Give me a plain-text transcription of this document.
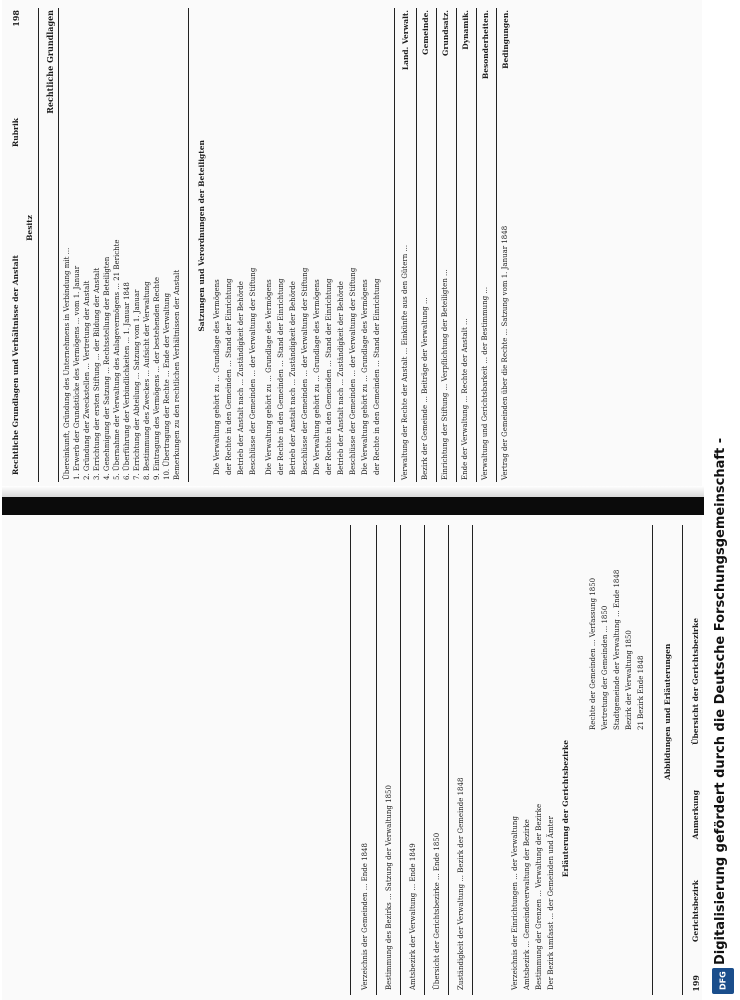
198
Rechtliche Grundlagen und Verhältnisse der Anstalt
Rubrik
Besitz
Rechtliche Grundlagen
Übereinkunft, Gründung des Unternehmens in Verbindung mit ... 1. Erwerb der Grundstücke des Vermögens ... vom 1. Januar 2. Gründung der Zweckstellen ... Vertretung der Anstalt 3. Errichtung der ersten Stiftung ... der Bildung der Anstalt 4. Genehmigung der Satzung ... Rechtsstellung der Beteiligten 5. Übernahme der Verwaltung des Anlagevermögens ... 21 Berichte 6. Überführung der Verbindlichkeiten ... 1. Januar 1848 7. Errichtung der Abteilung ... Satzung vom 1. Januar 8. Bestimmung des Zweckes ... Aufsicht der Verwaltung 9. Eintragung des Vermögens ... der bestehenden Rechte 10. Übertragung der Rechte ... Ende der Verwaltung Bemerkungen zu den rechtlichen Verhältnissen der Anstalt
Satzungen und Verordnungen der Beteiligten
Die Verwaltung gehört zu ... Grundlage des Vermögens der Rechte in den Gemeinden ... Stand der Einrichtung Betrieb der Anstalt nach ... Zuständigkeit der Behörde Beschlüsse der Gemeinden ... der Verwaltung der Stiftung Die Verwaltung gehört zu ... Grundlage des Vermögens der Rechte in den Gemeinden ... Stand der Einrichtung Betrieb der Anstalt nach ... Zuständigkeit der Behörde Beschlüsse der Gemeinden ... der Verwaltung der Stiftung Die Verwaltung gehört zu ... Grundlage des Vermögens der Rechte in den Gemeinden ... Stand der Einrichtung Betrieb der Anstalt nach ... Zuständigkeit der Behörde Beschlüsse der Gemeinden ... der Verwaltung der Stiftung Die Verwaltung gehört zu ... Grundlage des Vermögens der Rechte in den Gemeinden ... Stand der Einrichtung
Land. Verwalt.
Verwaltung der Rechte der Anstalt ... Einkünfte aus den Gütern ...
Gemeinde.
Bezirk der Gemeinde ... Beiträge der Verwaltung ...
Grundsatz.
Einrichtung der Stiftung ... Verpflichtung der Beteiligten ...
Dynamik.
Ende der Verwaltung ... Rechte der Anstalt ...
Besonderheiten.
Verwaltung und Gerichtsbarkeit ... der Bestimmung ...
Bedingungen.
Vertrag der Gemeinden über die Rechte ... Satzung vom 1. Januar 1848
199
Übersicht der Gerichtsbezirke
Anmerkung
Gerichtsbezirk
Abbildungen und Erläuterungen
21 Bezirk Ende 1848
Bezirk der Verwaltung 1850
Stadtgemeinde der Verwaltung ... Ende 1848
Vertretung der Gemeinden ... 1850
Rechte der Gemeinden ... Verfassung 1850
Erläuterung der Gerichtsbezirke
Der Bezirk umfasst ... der Gemeinden und Ämter
Bestimmung der Grenzen ... Verwaltung der Bezirke
Amtsbezirk ... Gemeindeverwaltung der Bezirke
Verzeichnis der Einrichtungen ... der Verwaltung
Zuständigkeit der Verwaltung ... Bezirk der Gemeinde 1848
Übersicht der Gerichtsbezirke ... Ende 1850
Amtsbezirk der Verwaltung ... Ende 1849
Bestimmung des Bezirks ... Satzung der Verwaltung 1850
Verzeichnis der Gemeinden ... Ende 1848	Digitalisierung gefördert durch die Deutsche Forschungsgemeinschaft -
DFG
